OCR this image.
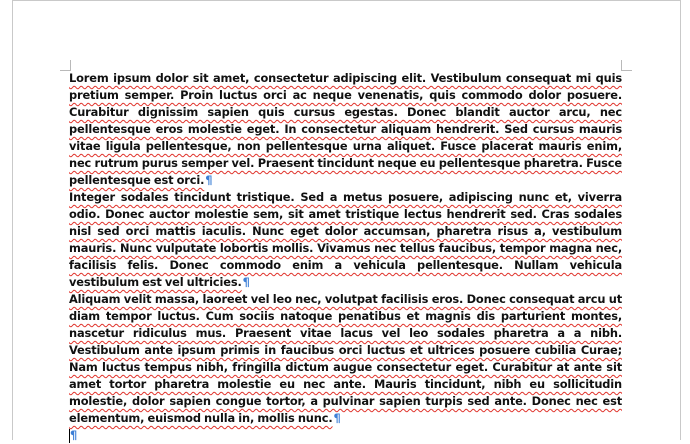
Lorem ipsum dolor sit amet, consectetur adipiscing elit. Vestibulum consequat mi quis pretium semper. Proin luctus orci ac neque venenatis, quis commodo dolor posuere. Curabitur dignissim sapien quis cursus egestas. Donec blandit auctor arcu, nec pellentesque eros molestie eget. In consectetur aliquam hendrerit. Sed cursus mauris vitae ligula pellentesque, non pellentesque urna aliquet. Fusce placerat mauris enim, nec rutrum purus semper vel. Praesent tincidunt neque eu pellentesque pharetra. Fusce pellentesque est orci.¶

Integer sodales tincidunt tristique. Sed a metus posuere, adipiscing nunc et, viverra odio. Donec auctor molestie sem, sit amet tristique lectus hendrerit sed. Cras sodales nisl sed orci mattis iaculis. Nunc eget dolor accumsan, pharetra risus a, vestibulum mauris. Nunc vulputate lobortis mollis. Vivamus nec tellus faucibus, tempor magna nec, facilisis felis. Donec commodo enim a vehicula pellentesque. Nullam vehicula vestibulum est vel ultricies.¶

Aliquam velit massa, laoreet vel leo nec, volutpat facilisis eros. Donec consequat arcu ut diam tempor luctus. Cum sociis natoque penatibus et magnis dis parturient montes, nascetur ridiculus mus. Praesent vitae lacus vel leo sodales pharetra a a nibh. Vestibulum ante ipsum primis in faucibus orci luctus et ultrices posuere cubilia Curae; Nam luctus tempus nibh, fringilla dictum augue consectetur eget. Curabitur at ante sit amet tortor pharetra molestie eu nec ante. Mauris tincidunt, nibh eu sollicitudin molestie, dolor sapien congue tortor, a pulvinar sapien turpis sed ante. Donec nec est elementum, euismod nulla in, mollis nunc.¶

¶
